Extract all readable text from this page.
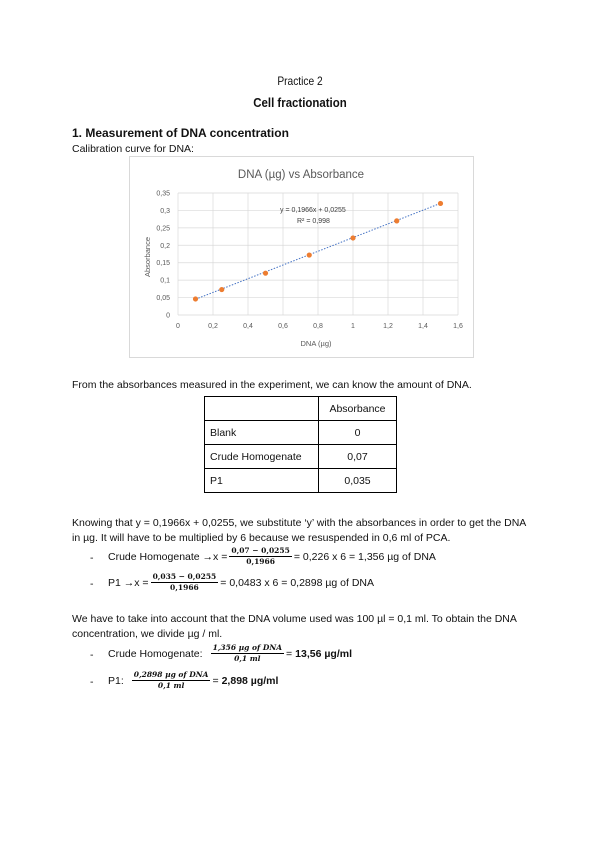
Practice 2
Cell fractionation
1. Measurement of DNA concentration
Calibration curve for DNA:
DNA (µg) vs Absorbance
0
0,05
0,1
0,15
0,2
0,25
0,3
0,35
0	0,2	0,4	0,6	0,8	1	1,2	1,4	1,6
y = 0,1966x + 0,0255
R² = 0,998
DNA (µg)
Absorbance
From the absorbances measured in the experiment, we can know the amount of DNA.
	Absorbance
Blank	0
Crude Homogenate	0,07
P1	0,035
Knowing that y = 0,1966x + 0,0255, we substitute ‘y’ with the absorbances in order to get the DNA in µg. It will have to be multiplied by 6 because we resuspended in 0,6 ml of PCA.
- Crude Homogenate $\to x = \frac{0,07 - 0,0255}{0,1966} = 0,226$ x 6 = 1,356 µg of DNA
- $P1 \to x = \frac{0,035 - 0,0255}{0,1966} = 0,0483$ x 6 = 0,2898 µg of DNA
We have to take into account that the DNA volume used was 100 µl = 0,1 ml. To obtain the DNA concentration, we divide µg / ml.
- Crude Homogenate: $\frac{\text{1,356 µg of DNA}}{0,1 ml} = 13,56$ µg/ml
- P1: $\frac{\text{0,2898 µg of DNA}}{0,1 ml} = 2,898$ µg/ml
